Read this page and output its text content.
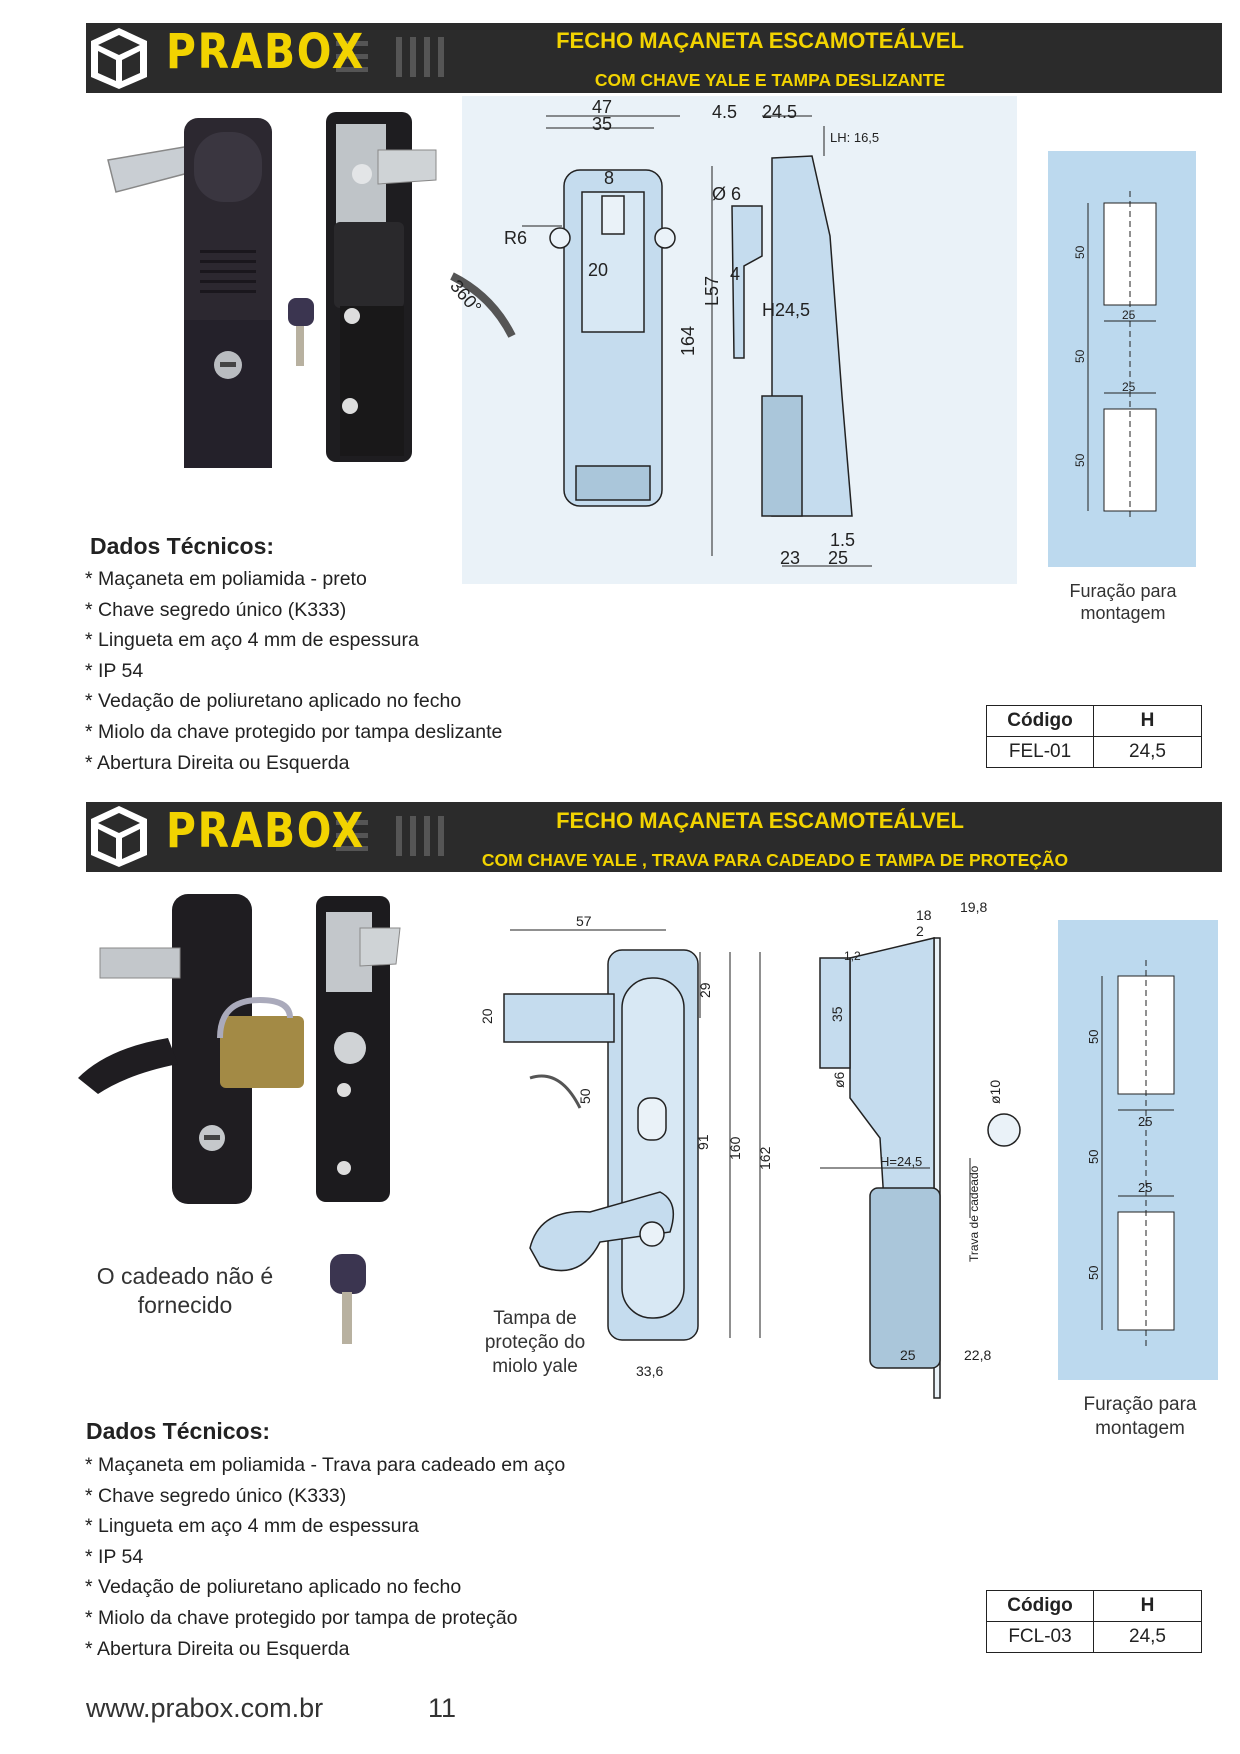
PRABOX	FECHO MAÇANETA ESCAMOTEÁLVEL
COM CHAVE YALE E TAMPA DESLIZANTE
47
35
8
R6
20
360°
164
4.5 24.5
LH: 16,5
Ø 6
4
L57
H24,5
1.5
23 25
50
50
50
25
25
Furação para montagem
Dados Técnicos:
* Maçaneta em poliamida - preto
* Chave segredo único (K333)
* Lingueta em aço 4 mm de espessura
* IP 54
* Vedação de poliuretano aplicado no fecho
* Miolo da chave protegido por tampa deslizante
* Abertura Direita ou Esquerda
Código	H
FEL-01	24,5
PRABOX	FECHO MAÇANETA ESCAMOTEÁLVEL
COM CHAVE YALE , TRAVA PARA CADEADO E TAMPA DE PROTEÇÃO
O cadeado não é fornecido
57
20
29
50
91 160 162
33,6
18 19,8
2
1,2
35
ø6
ø10
H=24,5
Trava de cadeado
25	22,8
Tampa de proteção do miolo yale
50
50
50
25
25
Furação para montagem
Dados Técnicos:
* Maçaneta em poliamida - Trava para cadeado em aço
* Chave segredo único (K333)
* Lingueta em aço 4 mm de espessura
* IP 54
* Vedação de poliuretano aplicado no fecho
* Miolo da chave protegido por tampa de proteção
* Abertura Direita ou Esquerda
Código	H
FCL-03	24,5
www.prabox.com.br	11
